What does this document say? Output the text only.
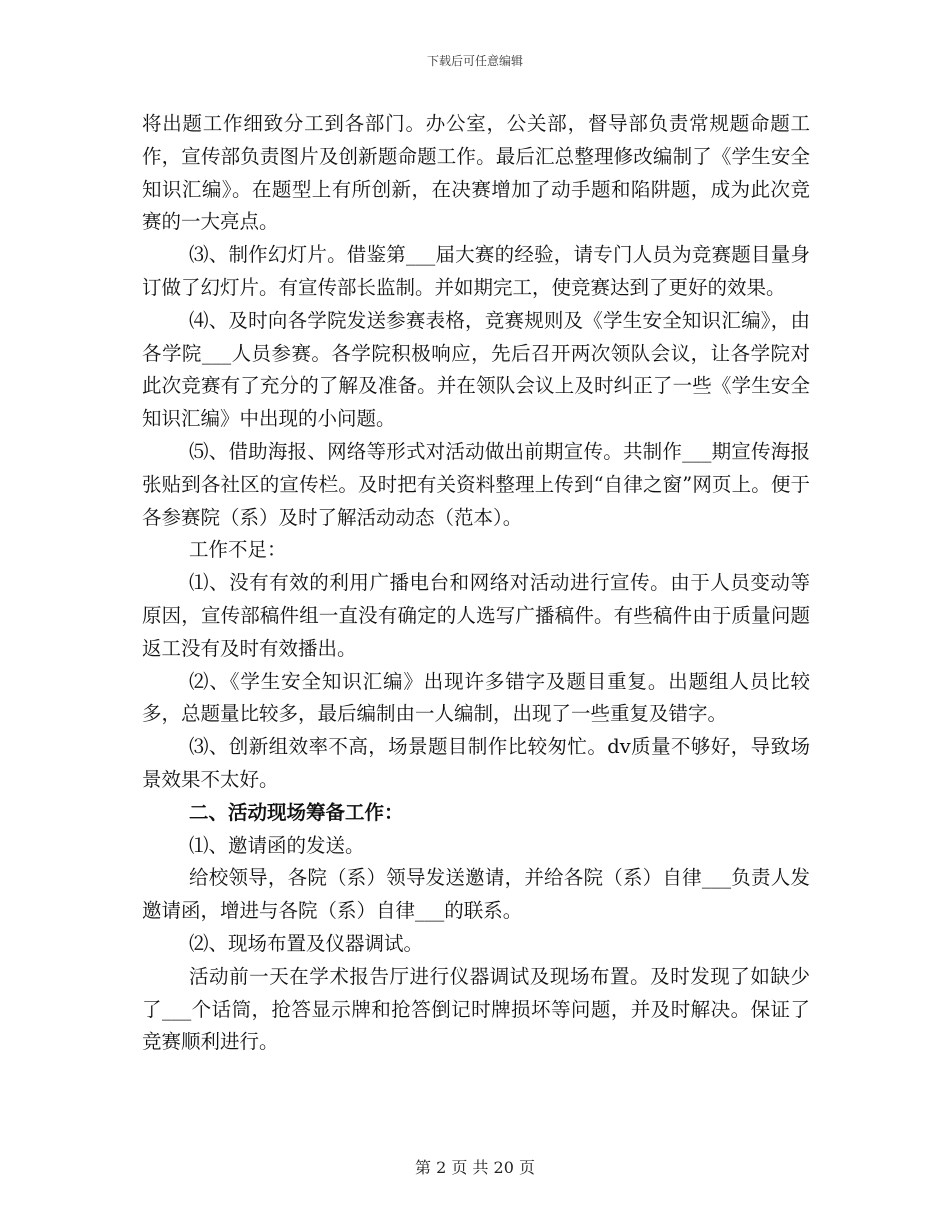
下载后可任意编辑

将出题工作细致分工到各部门。办公室，公关部，督导部负责常规题命题工作，宣传部负责图片及创新题命题工作。最后汇总整理修改编制了《学生安全知识汇编》。在题型上有所创新，在决赛增加了动手题和陷阱题，成为此次竞赛的一大亮点。

⑶、制作幻灯片。借鉴第___届大赛的经验，请专门人员为竞赛题目量身订做了幻灯片。有宣传部长监制。并如期完工，使竞赛达到了更好的效果。

⑷、及时向各学院发送参赛表格，竞赛规则及《学生安全知识汇编》，由各学院___人员参赛。各学院积极响应，先后召开两次领队会议，让各学院对此次竞赛有了充分的了解及准备。并在领队会议上及时纠正了一些《学生安全知识汇编》中出现的小问题。

⑸、借助海报、网络等形式对活动做出前期宣传。共制作___期宣传海报张贴到各社区的宣传栏。及时把有关资料整理上传到“自律之窗”网页上。便于各参赛院（系）及时了解活动动态（范本）。

工作不足：

⑴、没有有效的利用广播电台和网络对活动进行宣传。由于人员变动等原因，宣传部稿件组一直没有确定的人选写广播稿件。有些稿件由于质量问题返工没有及时有效播出。

⑵、《学生安全知识汇编》出现许多错字及题目重复。出题组人员比较多，总题量比较多，最后编制由一人编制，出现了一些重复及错字。

⑶、创新组效率不高，场景题目制作比较匆忙。dv质量不够好，导致场景效果不太好。

二、活动现场筹备工作：

⑴、邀请函的发送。

给校领导，各院（系）领导发送邀请，并给各院（系）自律___负责人发邀请函，增进与各院（系）自律___的联系。

⑵、现场布置及仪器调试。

活动前一天在学术报告厅进行仪器调试及现场布置。及时发现了如缺少了___个话筒，抢答显示牌和抢答倒记时牌损坏等问题，并及时解决。保证了竞赛顺利进行。

第 2 页 共 20 页
